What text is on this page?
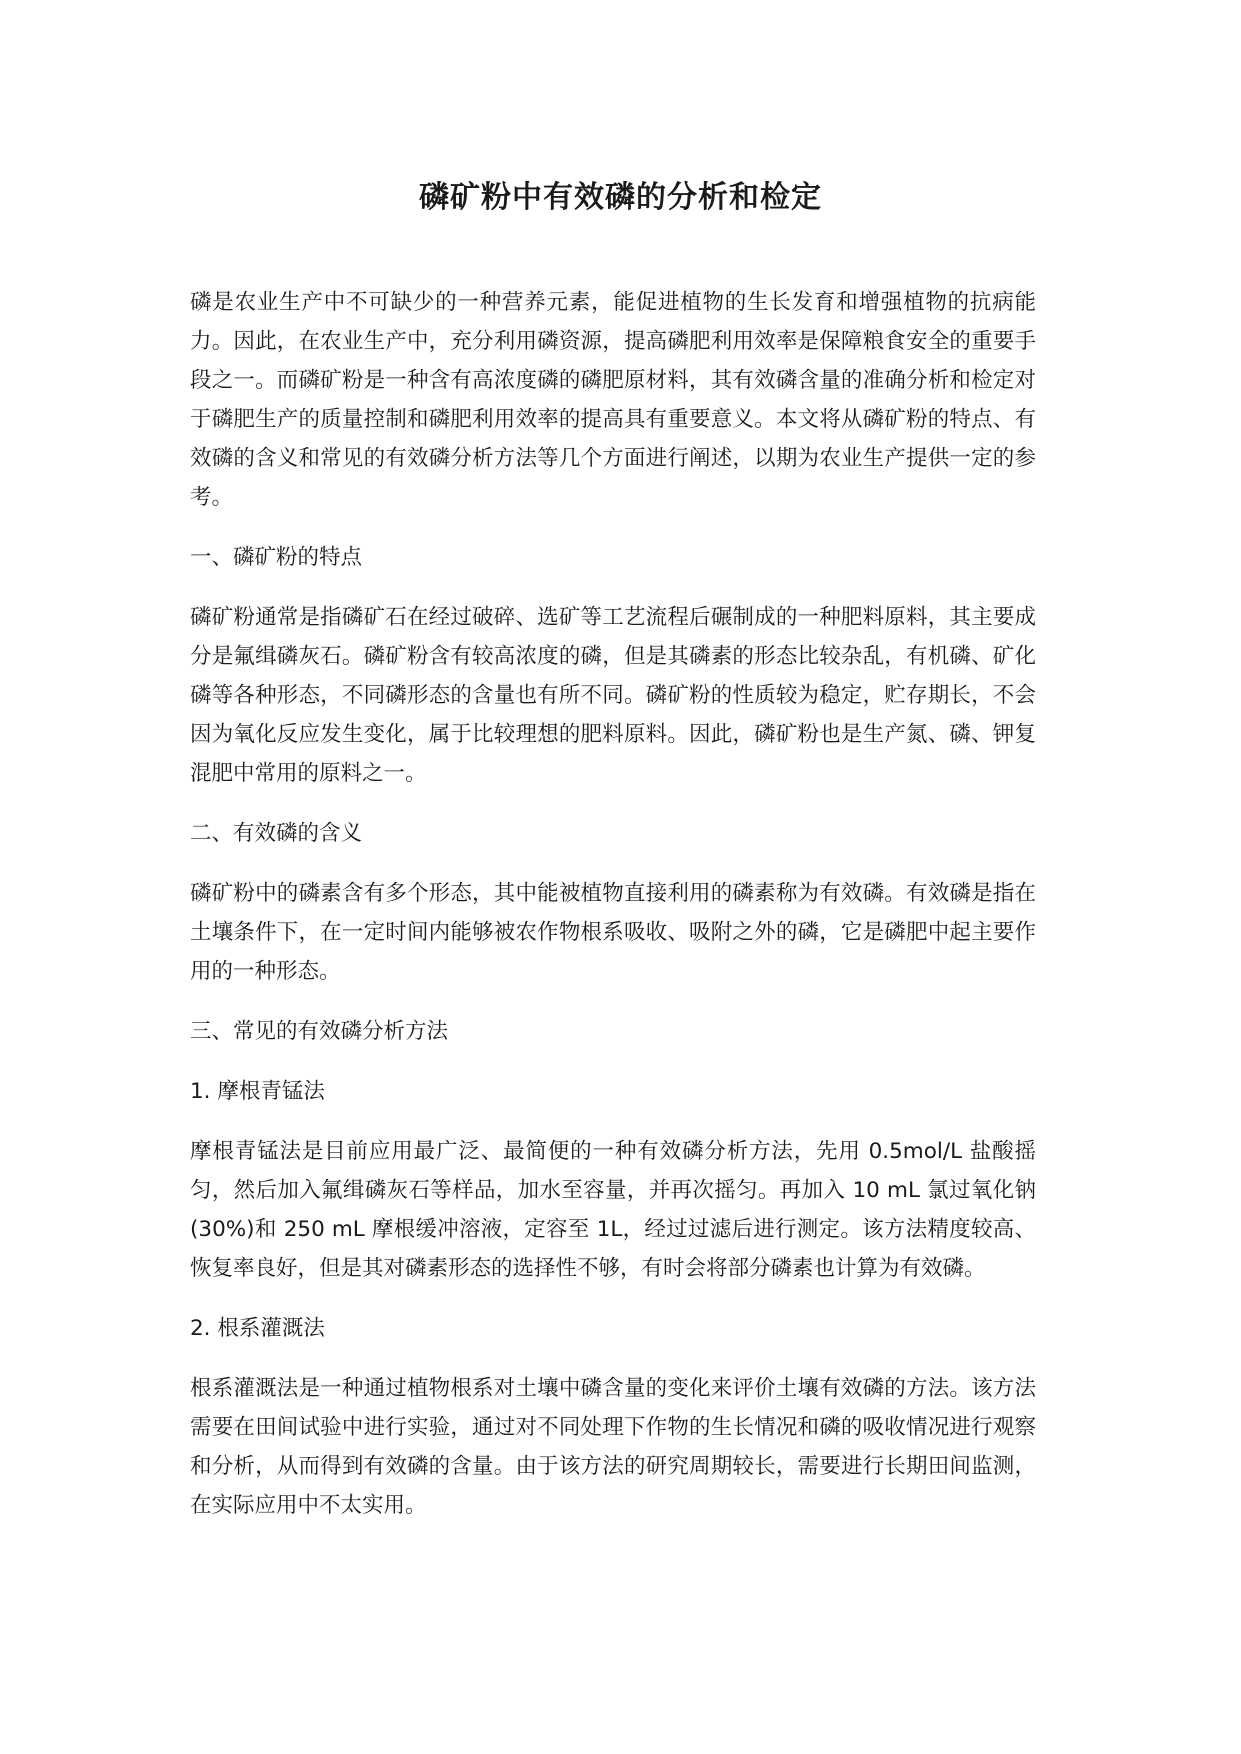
磷矿粉中有效磷的分析和检定

磷是农业生产中不可缺少的一种营养元素，能促进植物的生长发育和增强植物的抗病能力。因此，在农业生产中，充分利用磷资源，提高磷肥利用效率是保障粮食安全的重要手段之一。而磷矿粉是一种含有高浓度磷的磷肥原材料，其有效磷含量的准确分析和检定对于磷肥生产的质量控制和磷肥利用效率的提高具有重要意义。本文将从磷矿粉的特点、有效磷的含义和常见的有效磷分析方法等几个方面进行阐述，以期为农业生产提供一定的参考。

一、磷矿粉的特点

磷矿粉通常是指磷矿石在经过破碎、选矿等工艺流程后碾制成的一种肥料原料，其主要成分是氟缉磷灰石。磷矿粉含有较高浓度的磷，但是其磷素的形态比较杂乱，有机磷、矿化磷等各种形态，不同磷形态的含量也有所不同。磷矿粉的性质较为稳定，贮存期长，不会因为氧化反应发生变化，属于比较理想的肥料原料。因此，磷矿粉也是生产氮、磷、钾复混肥中常用的原料之一。

二、有效磷的含义

磷矿粉中的磷素含有多个形态，其中能被植物直接利用的磷素称为有效磷。有效磷是指在土壤条件下，在一定时间内能够被农作物根系吸收、吸附之外的磷，它是磷肥中起主要作用的一种形态。

三、常见的有效磷分析方法

1. 摩根青锰法

摩根青锰法是目前应用最广泛、最简便的一种有效磷分析方法，先用 0.5mol/L 盐酸摇匀，然后加入氟缉磷灰石等样品，加水至容量，并再次摇匀。再加入 10 mL 氯过氧化钠(30%)和 250 mL 摩根缓冲溶液，定容至 1L，经过过滤后进行测定。该方法精度较高、恢复率良好，但是其对磷素形态的选择性不够，有时会将部分磷素也计算为有效磷。

2. 根系灌溉法

根系灌溉法是一种通过植物根系对土壤中磷含量的变化来评价土壤有效磷的方法。该方法需要在田间试验中进行实验，通过对不同处理下作物的生长情况和磷的吸收情况进行观察和分析，从而得到有效磷的含量。由于该方法的研究周期较长，需要进行长期田间监测，在实际应用中不太实用。
